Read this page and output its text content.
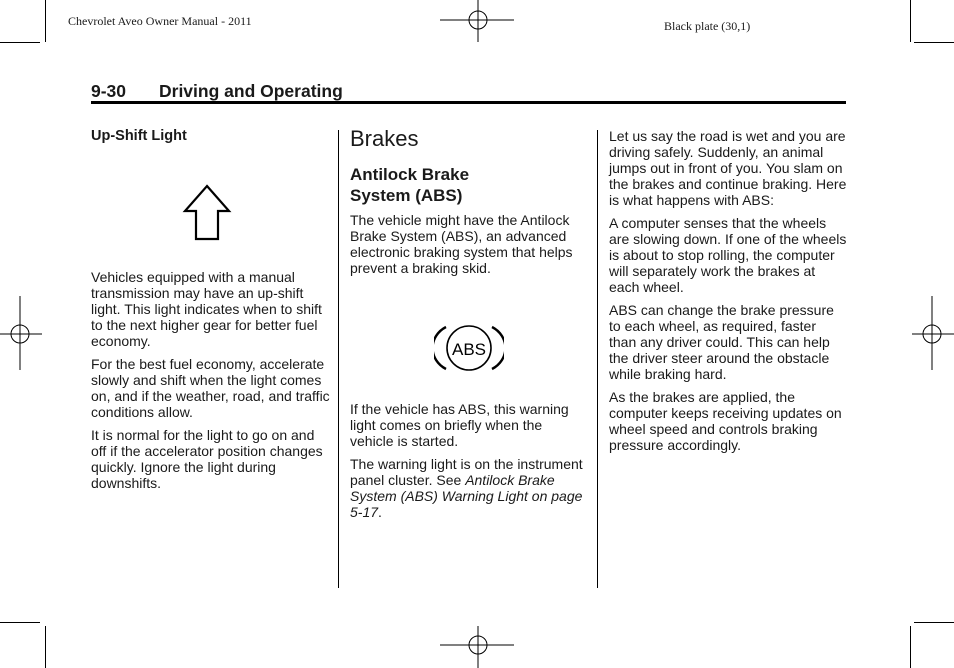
Chevrolet Aveo Owner Manual - 2011	Black plate (30,1)
9-30 Driving and Operating
Up-Shift Light

Vehicles equipped with a manual transmission may have an up-shift light. This light indicates when to shift to the next higher gear for better fuel economy.

For the best fuel economy, accelerate slowly and shift when the light comes on, and if the weather, road, and traffic conditions allow.

It is normal for the light to go on and off if the accelerator position changes quickly. Ignore the light during downshifts.

Brakes
Antilock Brake System (ABS)

The vehicle might have the Antilock Brake System (ABS), an advanced electronic braking system that helps prevent a braking skid.

ABS

If the vehicle has ABS, this warning light comes on briefly when the vehicle is started.

The warning light is on the instrument panel cluster. See Antilock Brake System (ABS) Warning Light on page 5-17.

Let us say the road is wet and you are driving safely. Suddenly, an animal jumps out in front of you. You slam on the brakes and continue braking. Here is what happens with ABS:

A computer senses that the wheels are slowing down. If one of the wheels is about to stop rolling, the computer will separately work the brakes at each wheel.

ABS can change the brake pressure to each wheel, as required, faster than any driver could. This can help the driver steer around the obstacle while braking hard.

As the brakes are applied, the computer keeps receiving updates on wheel speed and controls braking pressure accordingly.
